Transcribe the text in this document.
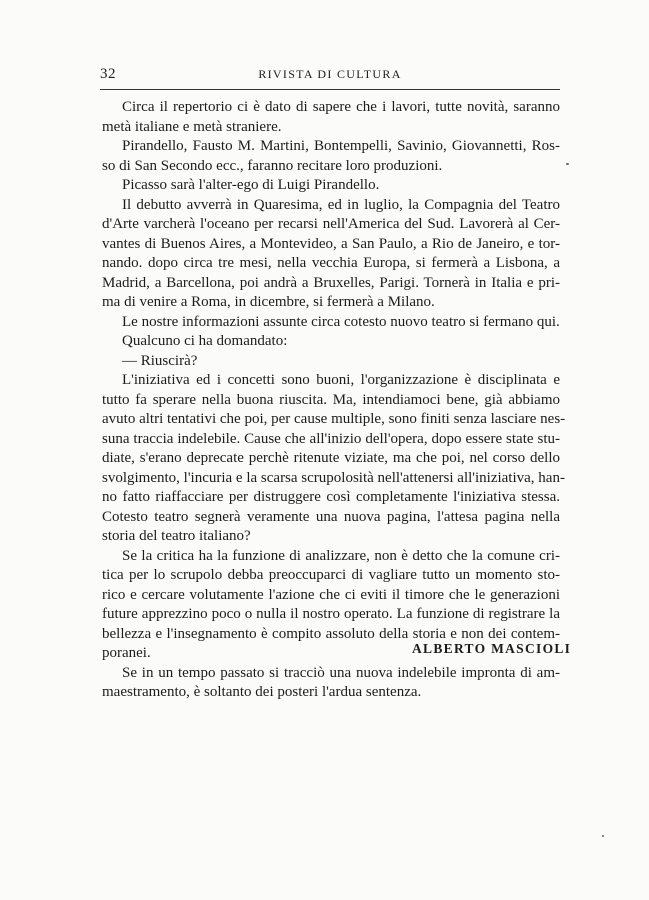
32	RIVISTA DI CULTURA
Circa il repertorio ci è dato di sapere che i lavori, tutte novità, saranno
metà italiane e metà straniere.
Pirandello, Fausto M. Martini, Bontempelli, Savinio, Giovannetti, Ros-
so di San Secondo ecc., faranno recitare loro produzioni.
Picasso sarà l'alter-ego di Luigi Pirandello.
Il debutto avverrà in Quaresima, ed in luglio, la Compagnia del Teatro
d'Arte varcherà l'oceano per recarsi nell'America del Sud. Lavorerà al Cer-
vantes di Buenos Aires, a Montevideo, a San Paulo, a Rio de Janeiro, e tor-
nando. dopo circa tre mesi, nella vecchia Europa, si fermerà a Lisbona, a
Madrid, a Barcellona, poi andrà a Bruxelles, Parigi. Tornerà in Italia e pri-
ma di venire a Roma, in dicembre, si fermerà a Milano.
Le nostre informazioni assunte circa cotesto nuovo teatro si fermano qui.
Qualcuno ci ha domandato:
— Riuscirà?
L'iniziativa ed i concetti sono buoni, l'organizzazione è disciplinata e
tutto fa sperare nella buona riuscita. Ma, intendiamoci bene, già abbiamo
avuto altri tentativi che poi, per cause multiple, sono finiti senza lasciare nes-
suna traccia indelebile. Cause che all'inizio dell'opera, dopo essere state stu-
diate, s'erano deprecate perchè ritenute viziate, ma che poi, nel corso dello
svolgimento, l'incuria e la scarsa scrupolosità nell'attenersi all'iniziativa, han-
no fatto riaffacciare per distruggere così completamente l'iniziativa stessa.
Cotesto teatro segnerà veramente una nuova pagina, l'attesa pagina nella
storia del teatro italiano?
Se la critica ha la funzione di analizzare, non è detto che la comune cri-
tica per lo scrupolo debba preoccuparci di vagliare tutto un momento sto-
rico e cercare volutamente l'azione che ci eviti il timore che le generazioni
future apprezzino poco o nulla il nostro operato. La funzione di registrare la
bellezza e l'insegnamento è compito assoluto della storia e non dei contem-
poranei.
Se in un tempo passato si tracciò una nuova indelebile impronta di am-
maestramento, è soltanto dei posteri l'ardua sentenza.
ALBERTO MASCIOLI
